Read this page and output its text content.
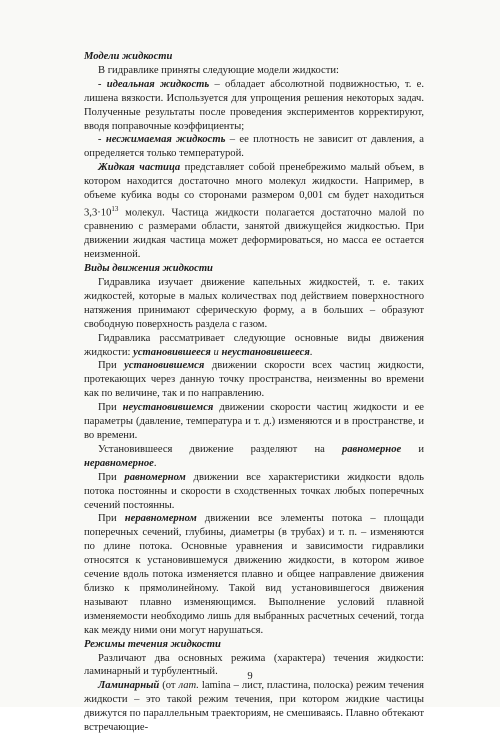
Модели жидкости

В гидравлике приняты следующие модели жидкости:

- идеальная жидкость – обладает абсолютной подвижностью, т. е. лишена вязкости. Используется для упрощения решения некоторых задач. Полученные результаты после проведения экспериментов корректируют, вводя поправочные коэффициенты;

- несжимаемая жидкость – ее плотность не зависит от давления, а определяется только температурой.

Жидкая частица представляет собой пренебрежимо малый объем, в котором находится достаточно много молекул жидкости. Например, в объеме кубика воды со сторонами размером 0,001 см будет находиться $3,3\cdot 10^{13}$ молекул. Частица жидкости полагается достаточно малой по сравнению с размерами области, занятой движущейся жидкостью. При движении жидкая частица может деформироваться, но масса ее остается неизменной.

Виды движения жидкости

Гидравлика изучает движение капельных жидкостей, т. е. таких жидкостей, которые в малых количествах под действием поверхностного натяжения принимают сферическую форму, а в больших – образуют свободную поверхность раздела с газом.

Гидравлика рассматривает следующие основные виды движения жидкости: установившееся и неустановившееся.

При установившемся движении скорости всех частиц жидкости, протекающих через данную точку пространства, неизменны во времени как по величине, так и по направлению.

При неустановившемся движении скорости частиц жидкости и ее параметры (давление, температура и т. д.) изменяются и в пространстве, и во времени.

Установившееся движение разделяют на равномерное и неравномерное.

При равномерном движении все характеристики жидкости вдоль потока постоянны и скорости в сходственных точках любых поперечных сечений постоянны.

При неравномерном движении все элементы потока – площади поперечных сечений, глубины, диаметры (в трубах) и т. п. – изменяются по длине потока. Основные уравнения и зависимости гидравлики относятся к установившемуся движению жидкости, в котором живое сечение вдоль потока изменяется плавно и общее направление движения близко к прямолинейному. Такой вид установившегося движения называют плавно изменяющимся. Выполнение условий плавной изменяемости необходимо лишь для выбранных расчетных сечений, тогда как между ними они могут нарушаться.

Режимы течения жидкости

Различают два основных режима (характера) течения жидкости: ламинарный и турбулентный.

Ламинарный (от лат. lamina – лист, пластина, полоска) режим течения жидкости – это такой режим течения, при котором жидкие частицы движутся по параллельным траекториям, не смешиваясь. Плавно обтекают встречающие-

9
